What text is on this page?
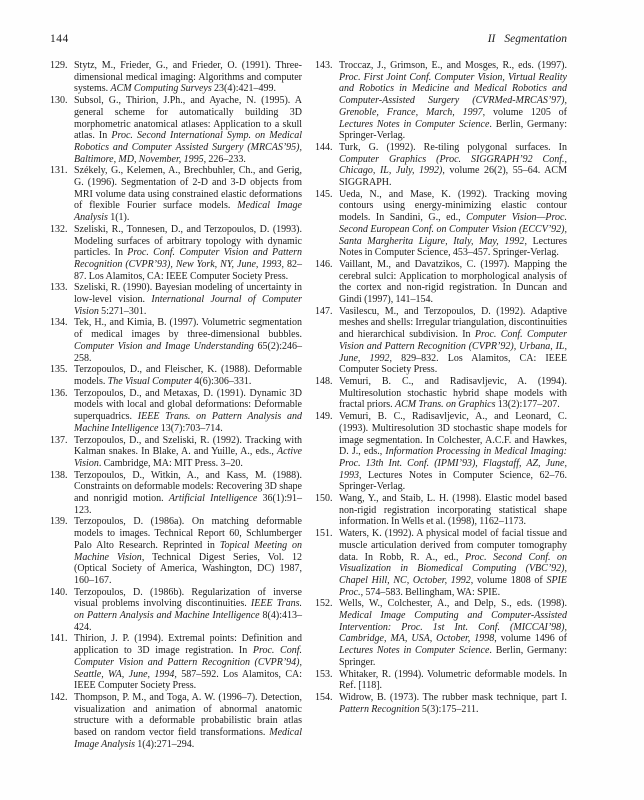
144	II Segmentation
129. Stytz, M., Frieder, G., and Frieder, O. (1991). Three-dimensional medical imaging: Algorithms and computer systems. ACM Computing Surveys 23(4):421–499.
130. Subsol, G., Thirion, J.Ph., and Ayache, N. (1995). A general scheme for automatically building 3D morphometric anatomical atlases: Application to a skull atlas. In Proc. Second International Symp. on Medical Robotics and Computer Assisted Surgery (MRCAS’95), Baltimore, MD, November, 1995, 226–233.
131. Székely, G., Kelemen, A., Brechbuhler, Ch., and Gerig, G. (1996). Segmentation of 2-D and 3-D objects from MRI volume data using constrained elastic deformations of flexible Fourier surface models. Medical Image Analysis 1(1).
132. Szeliski, R., Tonnesen, D., and Terzopoulos, D. (1993). Modeling surfaces of arbitrary topology with dynamic particles. In Proc. Conf. Computer Vision and Pattern Recognition (CVPR’93), New York, NY, June, 1993, 82–87. Los Alamitos, CA: IEEE Computer Society Press.
133. Szeliski, R. (1990). Bayesian modeling of uncertainty in low-level vision. International Journal of Computer Vision 5:271–301.
134. Tek, H., and Kimia, B. (1997). Volumetric segmentation of medical images by three-dimensional bubbles. Computer Vision and Image Understanding 65(2):246–258.
135. Terzopoulos, D., and Fleischer, K. (1988). Deformable models. The Visual Computer 4(6):306–331.
136. Terzopoulos, D., and Metaxas, D. (1991). Dynamic 3D models with local and global deformations: Deformable superquadrics. IEEE Trans. on Pattern Analysis and Machine Intelligence 13(7):703–714.
137. Terzopoulos, D., and Szeliski, R. (1992). Tracking with Kalman snakes. In Blake, A. and Yuille, A., eds., Active Vision. Cambridge, MA: MIT Press. 3–20.
138. Terzopoulos, D., Witkin, A., and Kass, M. (1988). Constraints on deformable models: Recovering 3D shape and nonrigid motion. Artificial Intelligence 36(1):91–123.
139. Terzopoulos, D. (1986a). On matching deformable models to images. Technical Report 60, Schlumberger Palo Alto Research. Reprinted in Topical Meeting on Machine Vision, Technical Digest Series, Vol. 12 (Optical Society of America, Washington, DC) 1987, 160–167.
140. Terzopoulos, D. (1986b). Regularization of inverse visual problems involving discontinuities. IEEE Trans. on Pattern Analysis and Machine Intelligence 8(4):413–424.
141. Thirion, J. P. (1994). Extremal points: Definition and application to 3D image registration. In Proc. Conf. Computer Vision and Pattern Recognition (CVPR’94), Seattle, WA, June, 1994, 587–592. Los Alamitos, CA: IEEE Computer Society Press.
142. Thompson, P. M., and Toga, A. W. (1996–7). Detection, visualization and animation of abnormal anatomic structure with a deformable probabilistic brain atlas based on random vector field transformations. Medical Image Analysis 1(4):271–294.
143. Troccaz, J., Grimson, E., and Mosges, R., eds. (1997). Proc. First Joint Conf. Computer Vision, Virtual Reality and Robotics in Medicine and Medical Robotics and Computer-Assisted Surgery (CVRMed-MRCAS’97), Grenoble, France, March, 1997, volume 1205 of Lectures Notes in Computer Science. Berlin, Germany: Springer-Verlag.
144. Turk, G. (1992). Re-tiling polygonal surfaces. In Computer Graphics (Proc. SIGGRAPH’92 Conf., Chicago, IL, July, 1992), volume 26(2), 55–64. ACM SIGGRAPH.
145. Ueda, N., and Mase, K. (1992). Tracking moving contours using energy-minimizing elastic contour models. In Sandini, G., ed., Computer Vision—Proc. Second European Conf. on Computer Vision (ECCV’92), Santa Margherita Ligure, Italy, May, 1992, Lectures Notes in Computer Science, 453–457. Springer-Verlag.
146. Vaillant, M., and Davatzikos, C. (1997). Mapping the cerebral sulci: Application to morphological analysis of the cortex and non-rigid registration. In Duncan and Gindi (1997), 141–154.
147. Vasilescu, M., and Terzopoulos, D. (1992). Adaptive meshes and shells: Irregular triangulation, discontinuities and hierarchical subdivision. In Proc. Conf. Computer Vision and Pattern Recognition (CVPR’92), Urbana, IL, June, 1992, 829–832. Los Alamitos, CA: IEEE Computer Society Press.
148. Vemuri, B. C., and Radisavljevic, A. (1994). Multiresolution stochastic hybrid shape models with fractal priors. ACM Trans. on Graphics 13(2):177–207.
149. Vemuri, B. C., Radisavljevic, A., and Leonard, C. (1993). Multiresolution 3D stochastic shape models for image segmentation. In Colchester, A.C.F. and Hawkes, D. J., eds., Information Processing in Medical Imaging: Proc. 13th Int. Conf. (IPMI’93), Flagstaff, AZ, June, 1993, Lectures Notes in Computer Science, 62–76. Springer-Verlag.
150. Wang, Y., and Staib, L. H. (1998). Elastic model based non-rigid registration incorporating statistical shape information. In Wells et al. (1998), 1162–1173.
151. Waters, K. (1992). A physical model of facial tissue and muscle articulation derived from computer tomography data. In Robb, R. A., ed., Proc. Second Conf. on Visualization in Biomedical Computing (VBC’92), Chapel Hill, NC, October, 1992, volume 1808 of SPIE Proc., 574–583. Bellingham, WA: SPIE.
152. Wells, W., Colchester, A., and Delp, S., eds. (1998). Medical Image Computing and Computer-Assisted Intervention: Proc. 1st Int. Conf. (MICCAI’98), Cambridge, MA, USA, October, 1998, volume 1496 of Lectures Notes in Computer Science. Berlin, Germany: Springer.
153. Whitaker, R. (1994). Volumetric deformable models. In Ref. [118].
154. Widrow, B. (1973). The rubber mask technique, part I. Pattern Recognition 5(3):175–211.
